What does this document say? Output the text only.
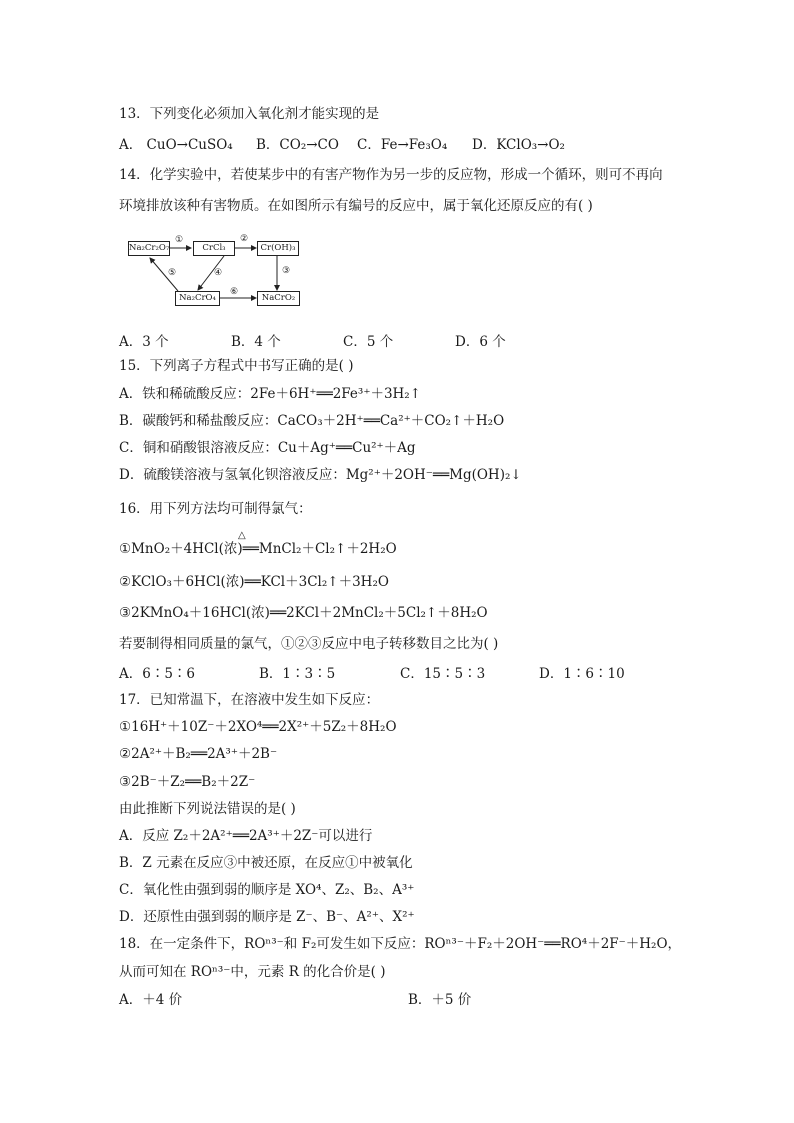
13．下列变化必须加入氧化剂才能实现的是
A． CuO→CuSO₄ B．CO₂→CO C．Fe→Fe₃O₄ D．KClO₃→O₂
14．化学实验中，若使某步中的有害产物作为另一步的反应物，形成一个循环，则可不再向
环境排放该种有害物质。在如图所示有编号的反应中，属于氧化还原反应的有( )
Na₂Cr₂O₇	CrCl₃	Cr(OH)₃
Na₂CrO₄	NaCrO₂
①	②
③
④
⑤
⑥
A．3 个	B．4 个	C．5 个	D．6 个
15．下列离子方程式中书写正确的是( )
A．铁和稀硫酸反应：2Fe＋6H⁺══2Fe³⁺＋3H₂↑
B．碳酸钙和稀盐酸反应：CaCO₃＋2H⁺══Ca²⁺＋CO₂↑＋H₂O
C．铜和硝酸银溶液反应：Cu＋Ag⁺══Cu²⁺＋Ag
D．硫酸镁溶液与氢氧化钡溶液反应：Mg²⁺＋2OH⁻══Mg(OH)₂↓
16．用下列方法均可制得氯气：
△
①MnO₂＋4HCl(浓)══MnCl₂＋Cl₂↑＋2H₂O
②KClO₃＋6HCl(浓)══KCl＋3Cl₂↑＋3H₂O
③2KMnO₄＋16HCl(浓)══2KCl＋2MnCl₂＋5Cl₂↑＋8H₂O
若要制得相同质量的氯气，①②③反应中电子转移数目之比为( )
A．6∶5∶6	B．1∶3∶5	C．15∶5∶3	D．1∶6∶10
17．已知常温下，在溶液中发生如下反应：
①16H⁺＋10Z⁻＋2XO⁴══2X²⁺＋5Z₂＋8H₂O
②2A²⁺＋B₂══2A³⁺＋2B⁻
③2B⁻＋Z₂══B₂＋2Z⁻
由此推断下列说法错误的是( )
A．反应 Z₂＋2A²⁺══2A³⁺＋2Z⁻可以进行
B．Z 元素在反应③中被还原，在反应①中被氧化
C．氧化性由强到弱的顺序是 XO⁴、Z₂、B₂、A³⁺
D．还原性由强到弱的顺序是 Z⁻、B⁻、A²⁺、X²⁺
18．在一定条件下，ROⁿ³⁻和 F₂可发生如下反应：ROⁿ³⁻＋F₂＋2OH⁻══RO⁴＋2F⁻＋H₂O，
从而可知在 ROⁿ³⁻中，元素 R 的化合价是( )
A．＋4 价	B．＋5 价
